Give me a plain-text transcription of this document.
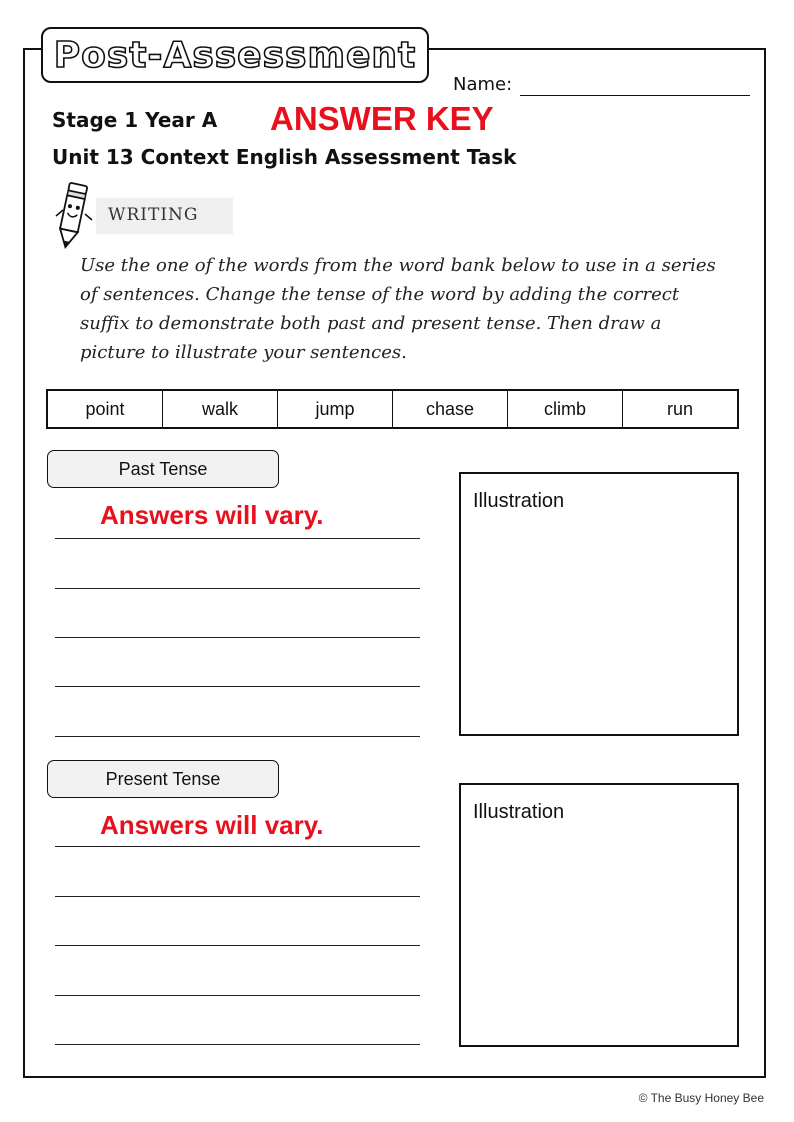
Post-Assessment
Name:
Stage 1 Year A ANSWER KEY
Unit 13 Context English Assessment Task
WRITING

Use the one of the words from the word bank below to use in a series of sentences. Change the tense of the word by adding the correct suffix to demonstrate both past and present tense. Then draw a picture to illustrate your sentences.

point	walk	jump	chase	climb	run
Past Tense
Answers will vary.	Illustration
Present Tense
Answers will vary.	Illustration
© The Busy Honey Bee
